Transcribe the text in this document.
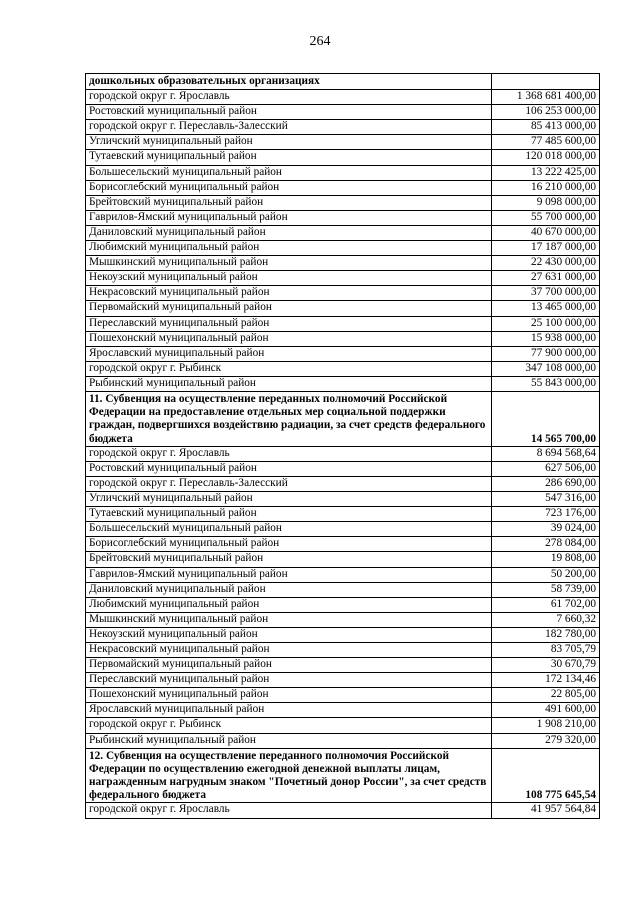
264
дошкольных образовательных организациях	
городской округ г. Ярославль	1 368 681 400,00
Ростовский муниципальный район	106 253 000,00
городской округ г. Переславль-Залесский	85 413 000,00
Угличский муниципальный район	77 485 600,00
Тутаевский муниципальный район	120 018 000,00
Большесельский муниципальный район	13 222 425,00
Борисоглебский муниципальный район	16 210 000,00
Брейтовский муниципальный район	9 098 000,00
Гаврилов-Ямский муниципальный район	55 700 000,00
Даниловский муниципальный район	40 670 000,00
Любимский муниципальный район	17 187 000,00
Мышкинский муниципальный район	22 430 000,00
Некоузский муниципальный район	27 631 000,00
Некрасовский муниципальный район	37 700 000,00
Первомайский муниципальный район	13 465 000,00
Переславский муниципальный район	25 100 000,00
Пошехонский муниципальный район	15 938 000,00
Ярославский муниципальный район	77 900 000,00
городской округ г. Рыбинск	347 108 000,00
Рыбинский муниципальный район	55 843 000,00
11. Субвенция на осуществление переданных полномочий Российской Федерации на предоставление отдельных мер социальной поддержки граждан, подвергшихся воздействию радиации, за счет средств федерального бюджета	14 565 700,00
городской округ г. Ярославль	8 694 568,64
Ростовский муниципальный район	627 506,00
городской округ г. Переславль-Залесский	286 690,00
Угличский муниципальный район	547 316,00
Тутаевский муниципальный район	723 176,00
Большесельский муниципальный район	39 024,00
Борисоглебский муниципальный район	278 084,00
Брейтовский муниципальный район	19 808,00
Гаврилов-Ямский муниципальный район	50 200,00
Даниловский муниципальный район	58 739,00
Любимский муниципальный район	61 702,00
Мышкинский муниципальный район	7 660,32
Некоузский муниципальный район	182 780,00
Некрасовский муниципальный район	83 705,79
Первомайский муниципальный район	30 670,79
Переславский муниципальный район	172 134,46
Пошехонский муниципальный район	22 805,00
Ярославский муниципальный район	491 600,00
городской округ г. Рыбинск	1 908 210,00
Рыбинский муниципальный район	279 320,00
12. Субвенция на осуществление переданного полномочия Российской Федерации по осуществлению ежегодной денежной выплаты лицам, награжденным нагрудным знаком "Почетный донор России", за счет средств федерального бюджета	108 775 645,54
городской округ г. Ярославль	41 957 564,84
